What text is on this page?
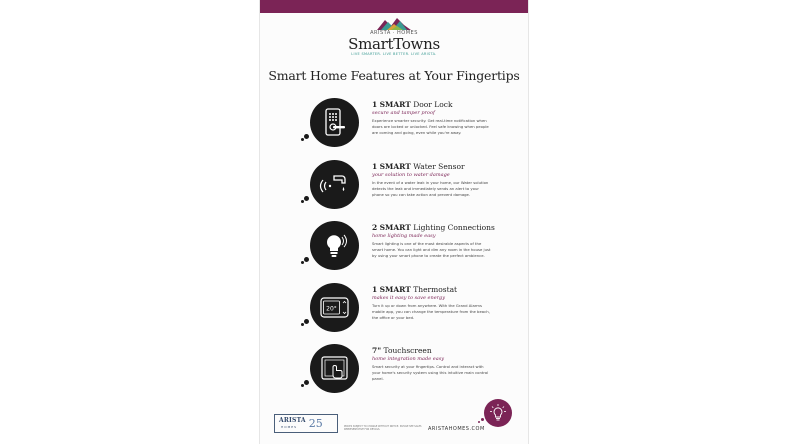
ARISTA · HOMES
SmartTowns
LIVE SMARTER. LIVE BETTER. LIVE ARISTA.
Smart Home Features at Your Fingertips
1 SMART Door Lock
secure and tamper proof
Experience smarter security. Get real-time notification when doors are locked or unlocked. Feel safe knowing when people are coming and going, even while you're away.
1 SMART Water Sensor
your solution to water damage
In the event of a water leak in your home, our Water solution detects the leak and immediately sends an alert to your phone so you can take action and prevent damage.
2 SMART Lighting Connections
home lighting made easy
Smart lighting is one of the most desirable aspects of the smart home. You can light and dim any room in the house just by using your smart phone to create the perfect ambience.
20°
1 SMART Thermostat
makes it easy to save energy
Turn it up or down from anywhere. With the Grand Alarms mobile app, you can change the temperature from the beach, the office or your bed.
7" Touchscreen
home integration made easy
Smart security at your fingertips. Control and interact with your home's security system using this intuitive main control panel.
ARISTA
HOMES	25	PRICES SUBJECT TO CHANGE WITHOUT NOTICE. PLEASE SEE SALES REPRESENTATIVE FOR DETAILS.	ARISTAHOMES.COM
